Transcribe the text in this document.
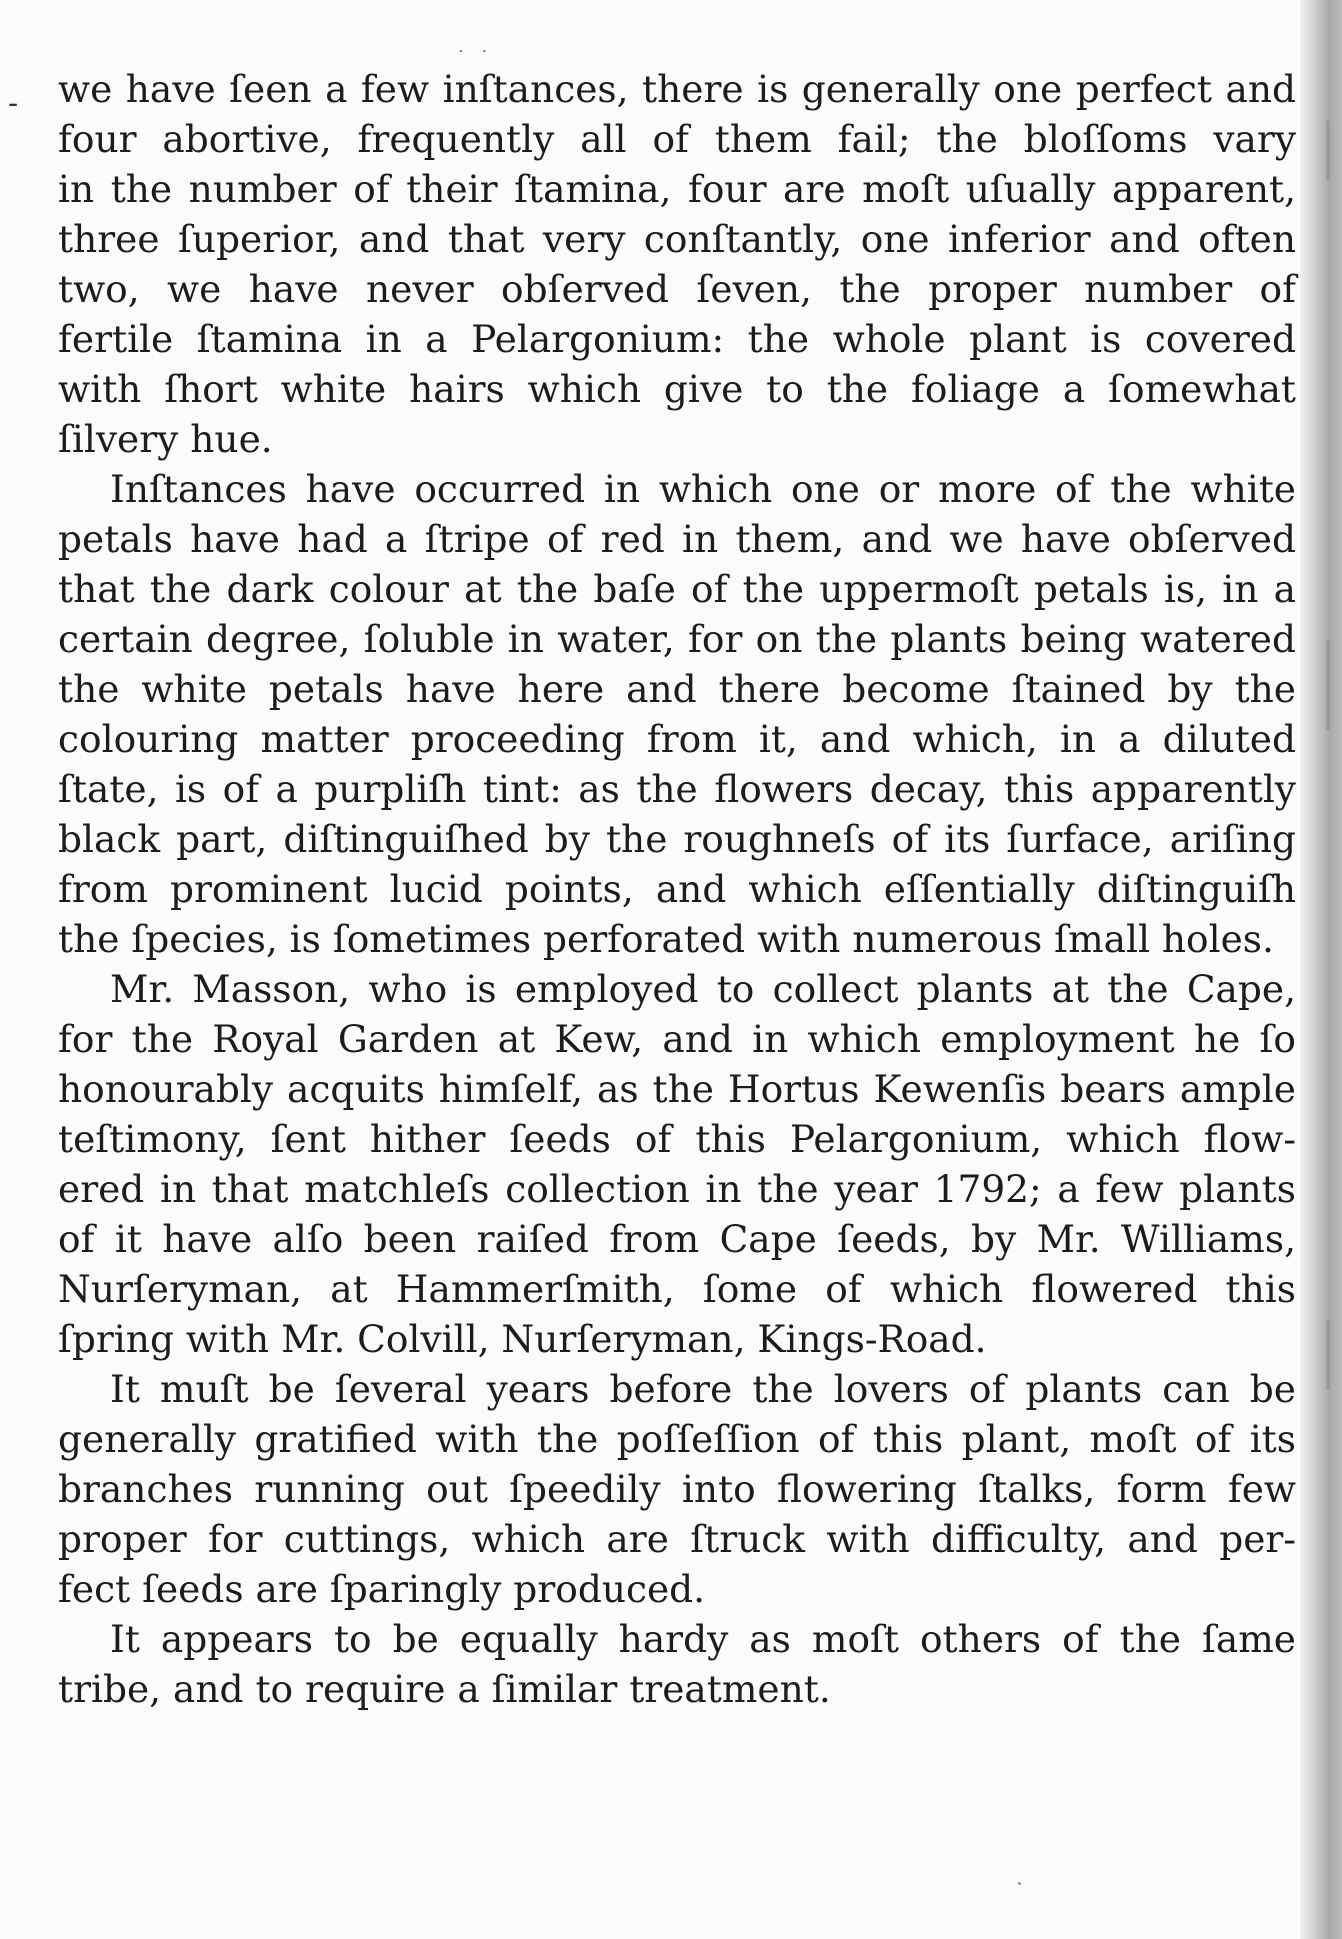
. .
- we have ſeen a few inſtances, there is generally one perfect and
four abortive, frequently all of them fail; the bloſſoms vary
in the number of their ſtamina, four are moſt uſually apparent,
three ſuperior, and that very conſtantly, one inferior and often
two, we have never obſerved ſeven, the proper number of
fertile ſtamina in a Pelargonium: the whole plant is covered
with ſhort white hairs which give to the foliage a ſomewhat
ſilvery hue.
Inſtances have occurred in which one or more of the white
petals have had a ſtripe of red in them, and we have obſerved
that the dark colour at the baſe of the uppermoſt petals is, in a
certain degree, ſoluble in water, for on the plants being watered
the white petals have here and there become ſtained by the
colouring matter proceeding from it, and which, in a diluted
ſtate, is of a purpliſh tint: as the flowers decay, this apparently
black part, diſtinguiſhed by the roughneſs of its ſurface, ariſing
from prominent lucid points, and which eſſentially diſtinguiſh
the ſpecies, is ſometimes perforated with numerous ſmall holes.
Mr. Masson, who is employed to collect plants at the Cape,
for the Royal Garden at Kew, and in which employment he ſo
honourably acquits himſelf, as the Hortus Kewenſis bears ample
teſtimony, ſent hither ſeeds of this Pelargonium, which flow-
ered in that matchleſs collection in the year 1792; a few plants
of it have alſo been raiſed from Cape ſeeds, by Mr. Williams,
Nurſeryman, at Hammerſmith, ſome of which flowered this
ſpring with Mr. Colvill, Nurſeryman, Kings-Road.
It muſt be ſeveral years before the lovers of plants can be
generally gratified with the poſſeſſion of this plant, moſt of its
branches running out ſpeedily into flowering ſtalks, form few
proper for cuttings, which are ſtruck with difficulty, and per-
fect ſeeds are ſparingly produced.
It appears to be equally hardy as moſt others of the ſame
tribe, and to require a ſimilar treatment.
